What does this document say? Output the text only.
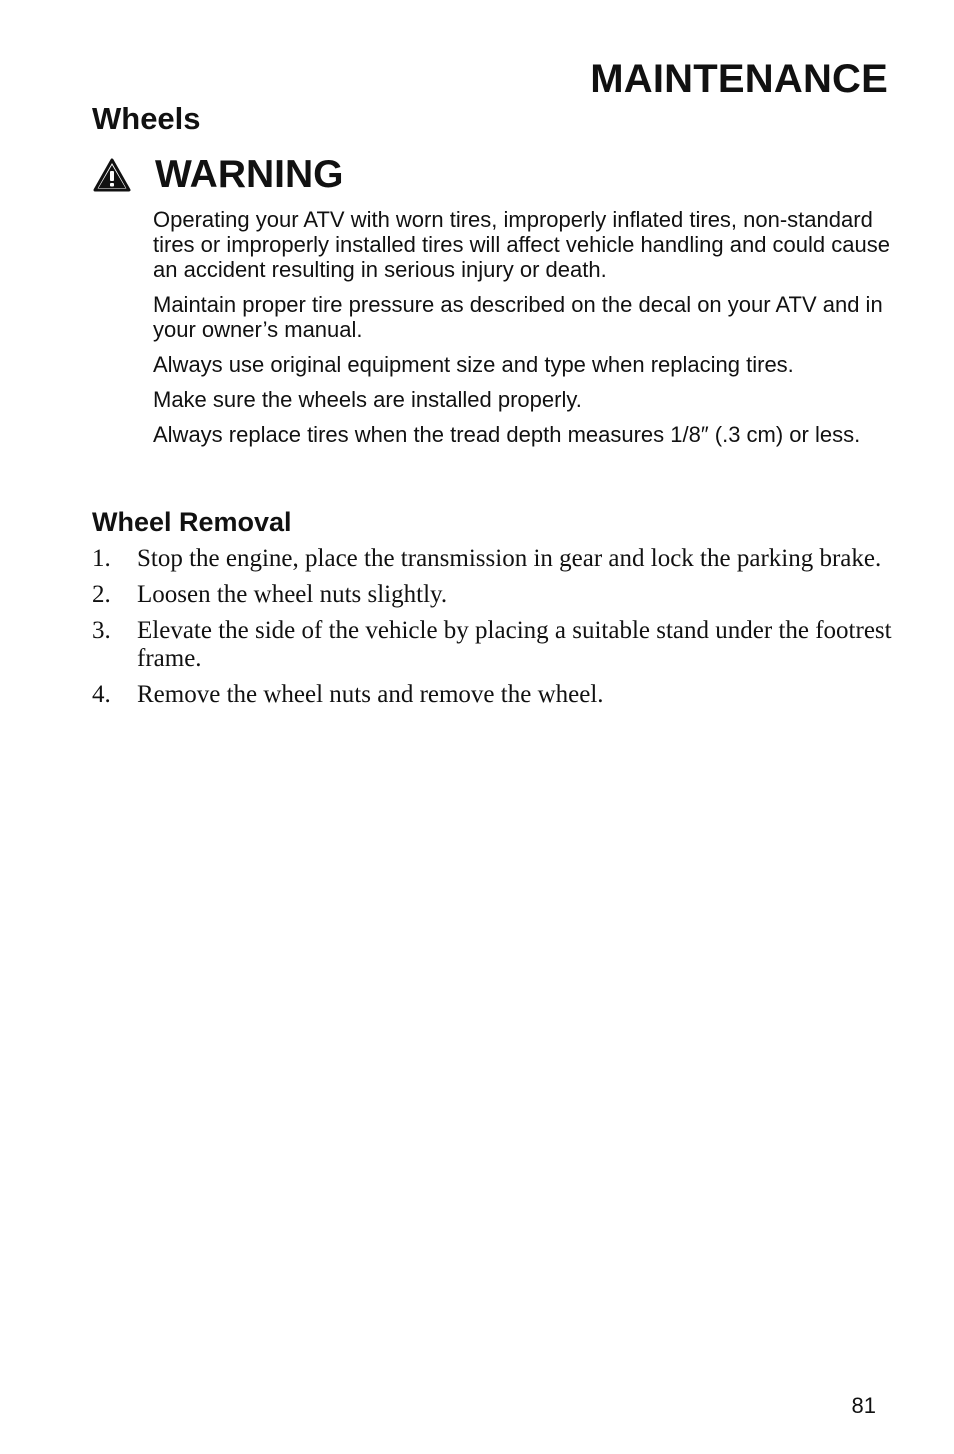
MAINTENANCE
Wheels
WARNING

Operating your ATV with worn tires, improperly inflated tires, non-standard tires or improperly installed tires will affect vehicle handling and could cause an accident resulting in serious injury or death.

Maintain proper tire pressure as described on the decal on your ATV and in your owner’s manual.

Always use original equipment size and type when replacing tires.

Make sure the wheels are installed properly.

Always replace tires when the tread depth measures 1/8″ (.3 cm) or less.

Wheel Removal
1.	Stop the engine, place the transmission in gear and lock the parking brake.
2.	Loosen the wheel nuts slightly.
3.	Elevate the side of the vehicle by placing a suitable stand under the footrest frame.
4.	Remove the wheel nuts and remove the wheel.
81
